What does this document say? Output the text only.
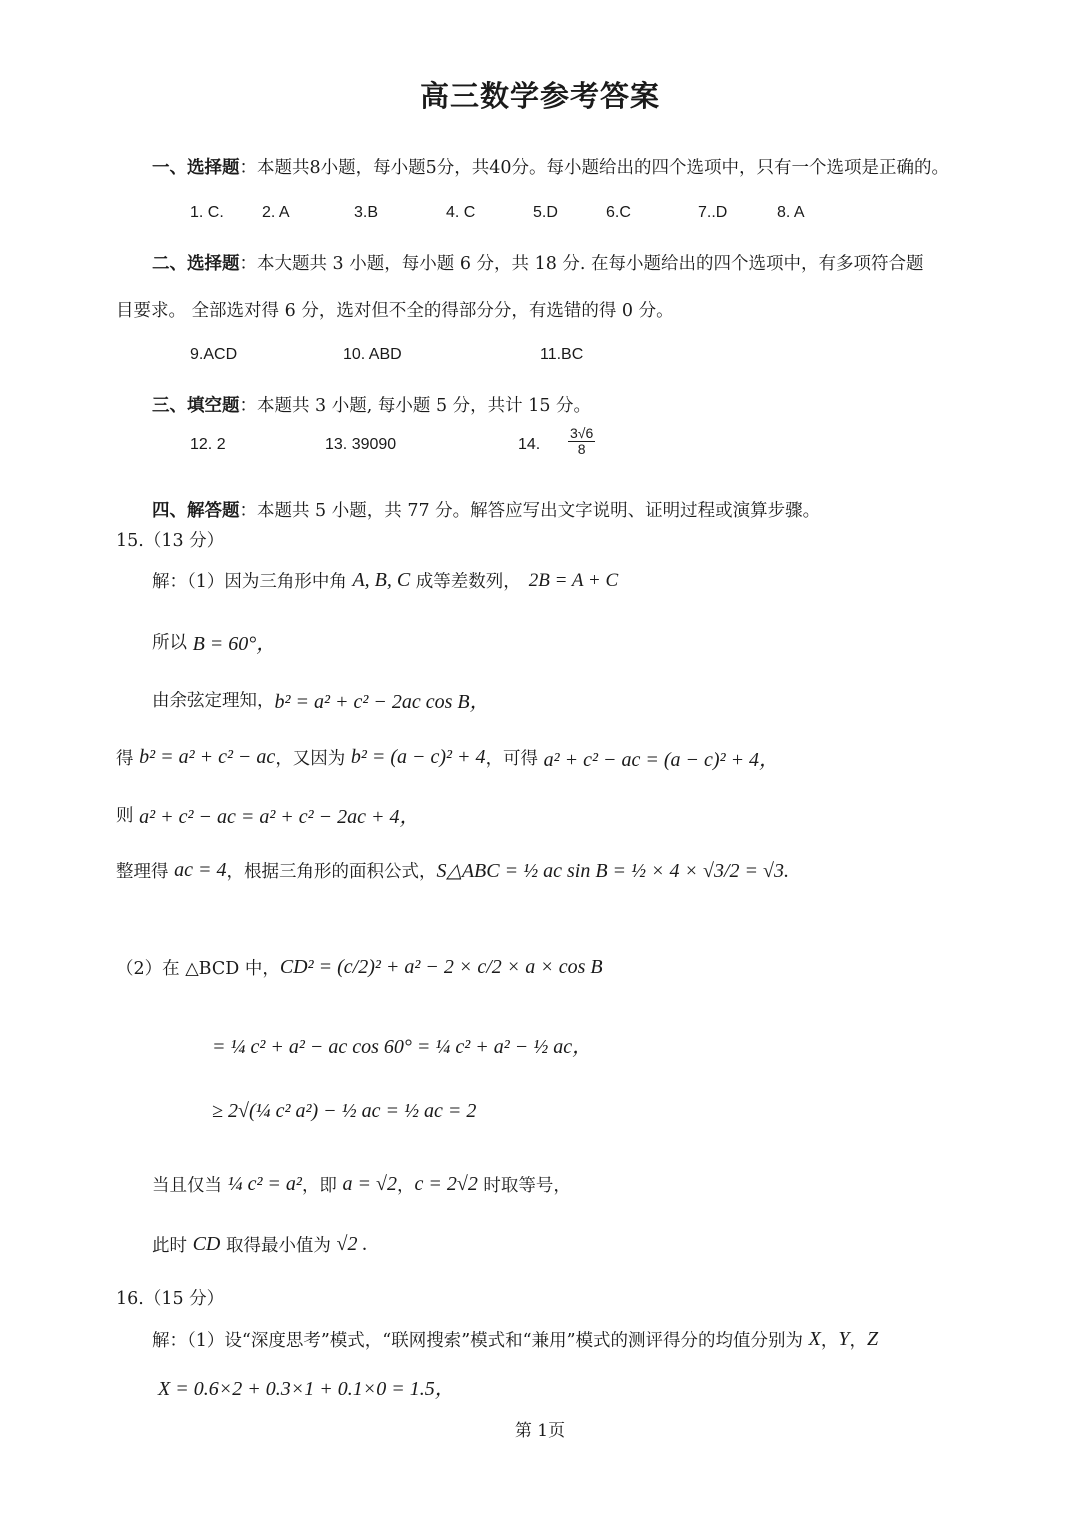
高三数学参考答案
一、选择题：本题共8小题，每小题5分，共40分。每小题给出的四个选项中，只有一个选项是正确的。
1. C. 2. A	3.B	4. C	5.D	6.C	7..D	8. A
二、选择题：本大题共 3 小题，每小题 6 分，共 18 分. 在每小题给出的四个选项中，有多项符合题
目要求。 全部选对得 6 分，选对但不全的得部分分，有选错的得 0 分。
9.ACD	10. ABD	11.BC
三、填空题：本题共 3 小题, 每小题 5 分，共计 15 分。
12. 2	13. 39090	14. $\frac{3√6}{8}$
四、解答题：本题共 5 小题，共 77 分。解答应写出文字说明、证明过程或演算步骤。
15.（13 分）
解：（1）因为三角形中角 A, B, C 成等差数列， 2B = A + C
所以 B = 60°，
由余弦定理知， b² = a² + c² − 2ac cos B，
得 b² = a² + c² − ac ，又因为 b² = (a − c)² + 4 ，可得 a² + c² − ac = (a − c)² + 4，
则 a² + c² − ac = a² + c² − 2ac + 4，
整理得 ac = 4 ，根据三角形的面积公式， S△ABC = ½ ac sin B = ½ × 4 × √3/2 = √3.
（2）在 △BCD 中， CD² = (c/2)² + a² − 2 × c/2 × a × cos B
= ¼ c² + a² − ac cos 60° = ¼ c² + a² − ½ ac，
≥ 2√(¼ c² a²) − ½ ac = ½ ac = 2
当且仅当 ¼ c² = a² ，即 a = √2 ， c = 2√2 时取等号，
此时 CD 取得最小值为 √2 .
16.（15 分）
解：（1）设“深度思考”模式，“联网搜索”模式和“兼用”模式的测评得分的均值分别为 X ， Y ， Z
X = 0.6×2 + 0.3×1 + 0.1×0 = 1.5，
第 1页
